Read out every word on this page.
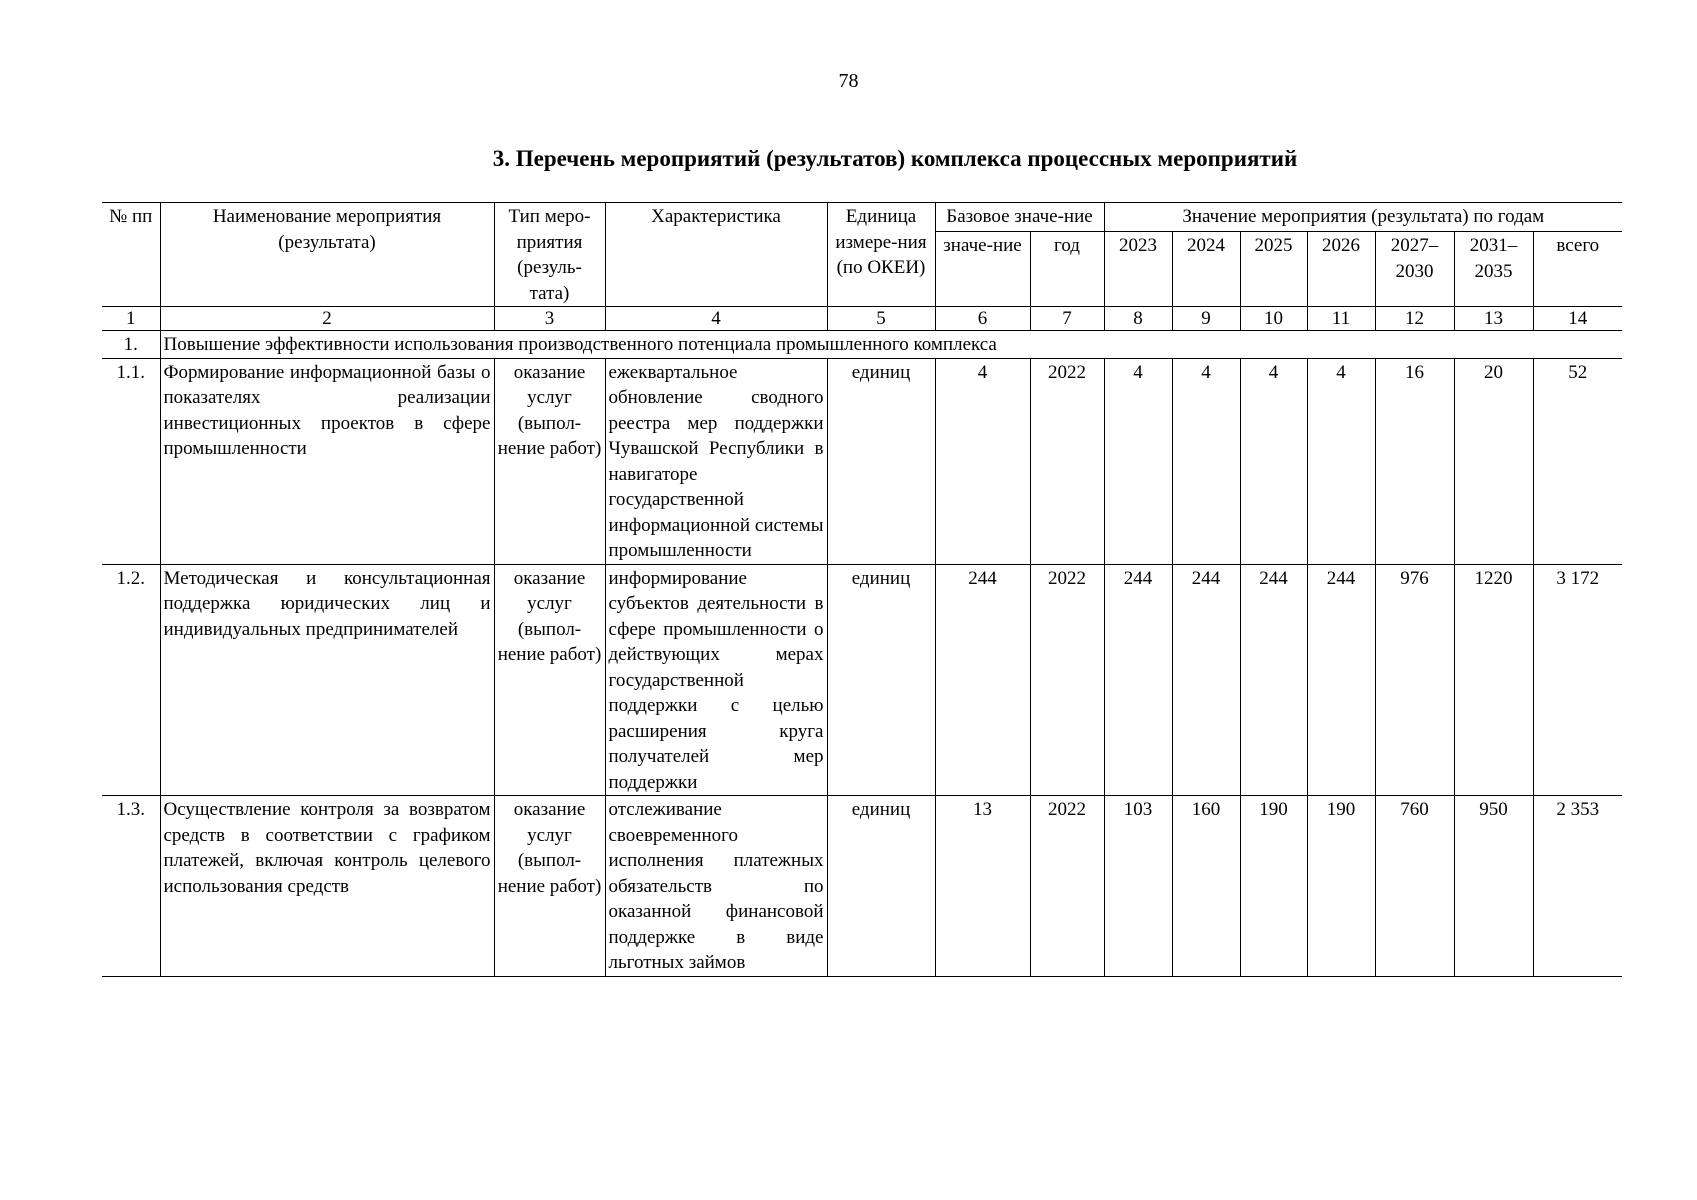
78
3. Перечень мероприятий (результатов) комплекса процессных мероприятий
№ пп	Наименование мероприятия (результата)	Тип меро-приятия (резуль-тата)	Характеристика	Единица измере-ния (по ОКЕИ)	Базовое значе-ние		Значение мероприятия (результата) по годам						
					значе-ние	год	2023	2024	2025	2026	2027–2030	2031–2035	всего
1	2	3	4	5	6	7	8	9	10	11	12	13	14
1.	Повышение эффективности использования производственного потенциала промышленного комплекса												
1.1.	Формирование информационной базы о показателях реализации инвестиционных проектов в сфере промышленности	оказание услуг (выпол-нение работ)	ежеквартальное обновление сводного реестра мер поддержки Чувашской Республики в навигаторе государственной информационной системы промышленности	единиц	4	2022	4	4	4	4	16	20	52
1.2.	Методическая и консультационная поддержка юридических лиц и индивидуальных предпринимателей	оказание услуг (выпол-нение работ)	информирование субъектов деятельности в сфере промышленности о действующих мерах государственной поддержки с целью расширения круга получателей мер поддержки	единиц	244	2022	244	244	244	244	976	1220	3 172
1.3.	Осуществление контроля за возвратом средств в соответствии с графиком платежей, включая контроль целевого использования средств	оказание услуг (выпол-нение работ)	отслеживание своевременного исполнения платежных обязательств по оказанной финансовой поддержке в виде льготных займов	единиц	13	2022	103	160	190	190	760	950	2 353
